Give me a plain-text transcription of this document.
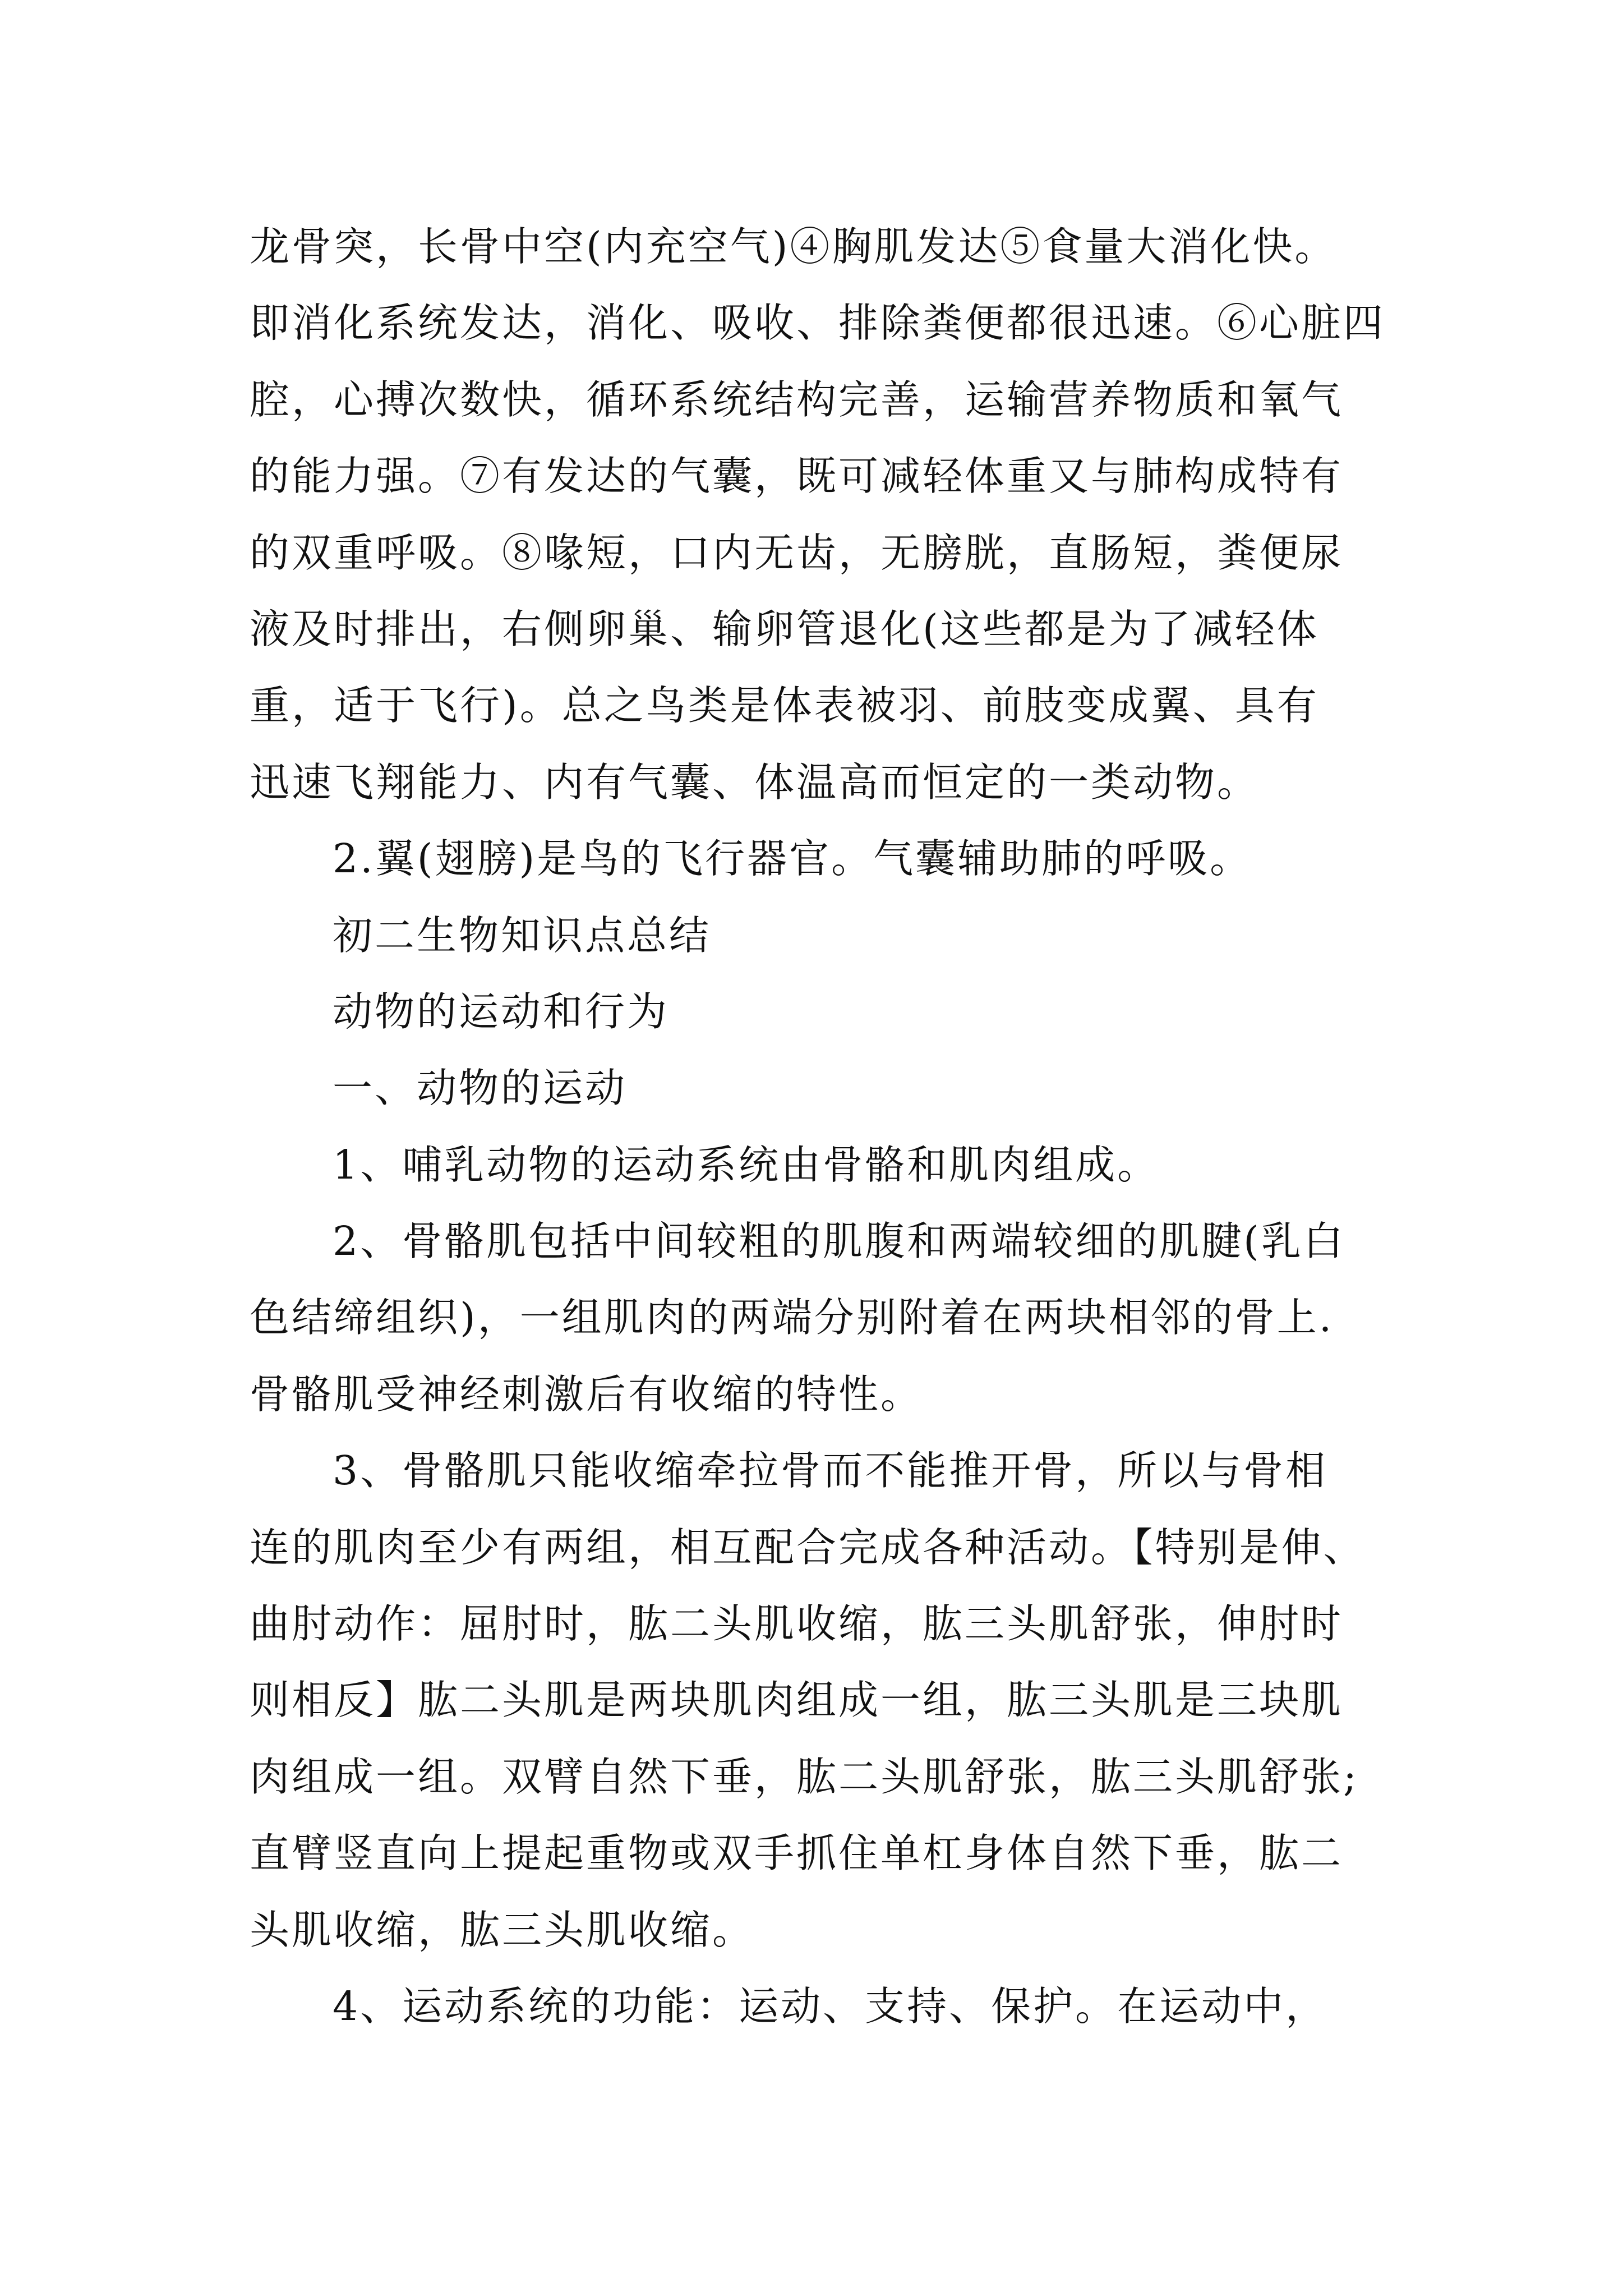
龙骨突，长骨中空(内充空气)④胸肌发达⑤食量大消化快。
即消化系统发达，消化、吸收、排除粪便都很迅速。⑥心脏四
腔，心搏次数快，循环系统结构完善，运输营养物质和氧气
的能力强。⑦有发达的气囊，既可减轻体重又与肺构成特有
的双重呼吸。⑧喙短，口内无齿，无膀胱，直肠短，粪便尿
液及时排出，右侧卵巢、输卵管退化(这些都是为了减轻体
重，适于飞行)。总之鸟类是体表被羽、前肢变成翼、具有
迅速飞翔能力、内有气囊、体温高而恒定的一类动物。
2.翼(翅膀)是鸟的飞行器官。气囊辅助肺的呼吸。
初二生物知识点总结
动物的运动和行为
一、动物的运动
1、哺乳动物的运动系统由骨骼和肌肉组成。
2、骨骼肌包括中间较粗的肌腹和两端较细的肌腱(乳白
色结缔组织)，一组肌肉的两端分别附着在两块相邻的骨上.
骨骼肌受神经刺激后有收缩的特性。
3、骨骼肌只能收缩牵拉骨而不能推开骨，所以与骨相
连的肌肉至少有两组，相互配合完成各种活动。【特别是伸、
曲肘动作：屈肘时，肱二头肌收缩，肱三头肌舒张，伸肘时
则相反】肱二头肌是两块肌肉组成一组，肱三头肌是三块肌
肉组成一组。双臂自然下垂，肱二头肌舒张，肱三头肌舒张;
直臂竖直向上提起重物或双手抓住单杠身体自然下垂，肱二
头肌收缩，肱三头肌收缩。
4、运动系统的功能：运动、支持、保护。在运动中，
